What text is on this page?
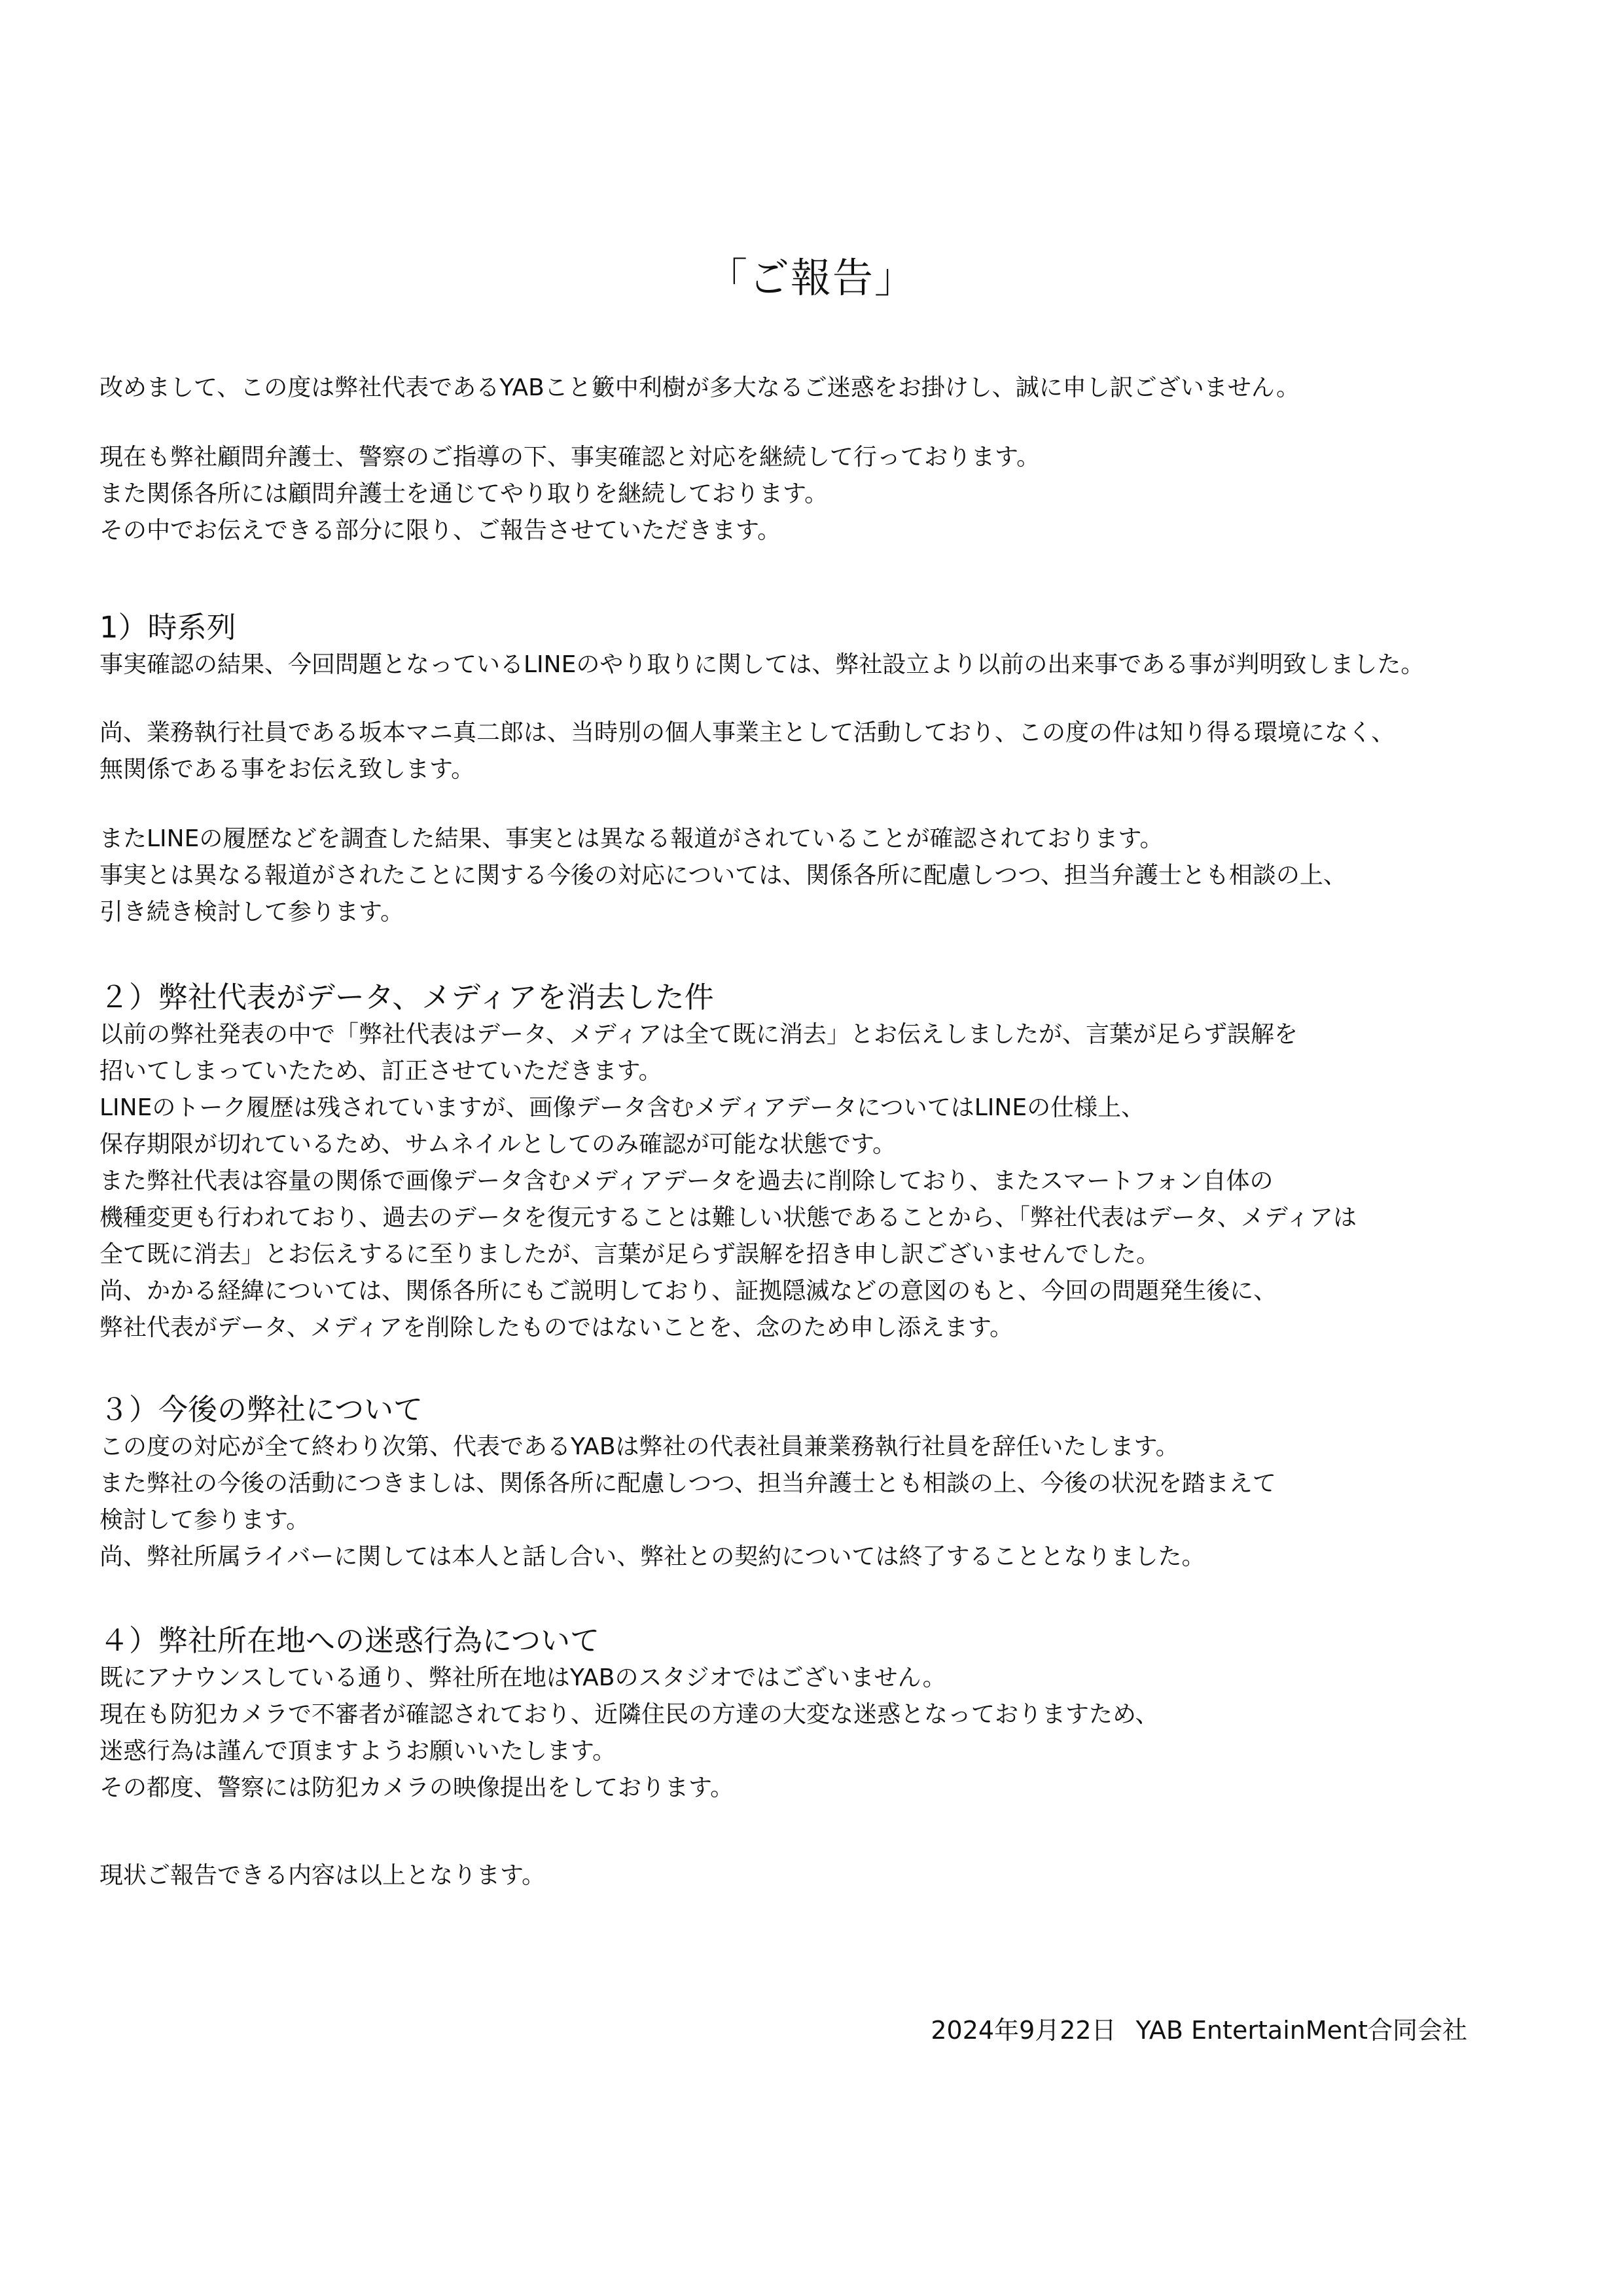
「ご報告」
改めまして、この度は弊社代表であるYABこと籔中利樹が多大なるご迷惑をお掛けし、誠に申し訳ございません。
現在も弊社顧問弁護士、警察のご指導の下、事実確認と対応を継続して行っております。
また関係各所には顧問弁護士を通じてやり取りを継続しております。
その中でお伝えできる部分に限り、ご報告させていただきます。
1）時系列
事実確認の結果、今回問題となっているLINEのやり取りに関しては、弊社設立より以前の出来事である事が判明致しました。
尚、業務執行社員である坂本マニ真二郎は、当時別の個人事業主として活動しており、この度の件は知り得る環境になく、
無関係である事をお伝え致します。
またLINEの履歴などを調査した結果、事実とは異なる報道がされていることが確認されております。
事実とは異なる報道がされたことに関する今後の対応については、関係各所に配慮しつつ、担当弁護士とも相談の上、
引き続き検討して参ります。
２）弊社代表がデータ、メディアを消去した件
以前の弊社発表の中で「弊社代表はデータ、メディアは全て既に消去」とお伝えしましたが、言葉が足らず誤解を
招いてしまっていたため、訂正させていただきます。
LINEのトーク履歴は残されていますが、画像データ含むメディアデータについてはLINEの仕様上、
保存期限が切れているため、サムネイルとしてのみ確認が可能な状態です。
また弊社代表は容量の関係で画像データ含むメディアデータを過去に削除しており、またスマートフォン自体の
機種変更も行われており、過去のデータを復元することは難しい状態であることから、「弊社代表はデータ、メディアは
全て既に消去」とお伝えするに至りましたが、言葉が足らず誤解を招き申し訳ございませんでした。
尚、かかる経緯については、関係各所にもご説明しており、証拠隠滅などの意図のもと、今回の問題発生後に、
弊社代表がデータ、メディアを削除したものではないことを、念のため申し添えます。
３）今後の弊社について
この度の対応が全て終わり次第、代表であるYABは弊社の代表社員兼業務執行社員を辞任いたします。
また弊社の今後の活動につきましは、関係各所に配慮しつつ、担当弁護士とも相談の上、今後の状況を踏まえて
検討して参ります。
尚、弊社所属ライバーに関しては本人と話し合い、弊社との契約については終了することとなりました。
４）弊社所在地への迷惑行為について
既にアナウンスしている通り、弊社所在地はYABのスタジオではございません。
現在も防犯カメラで不審者が確認されており、近隣住民の方達の大変な迷惑となっておりますため、
迷惑行為は謹んで頂ますようお願いいたします。
その都度、警察には防犯カメラの映像提出をしております。
現状ご報告できる内容は以上となります。
2024年9月22日 YAB EntertainMent合同会社
